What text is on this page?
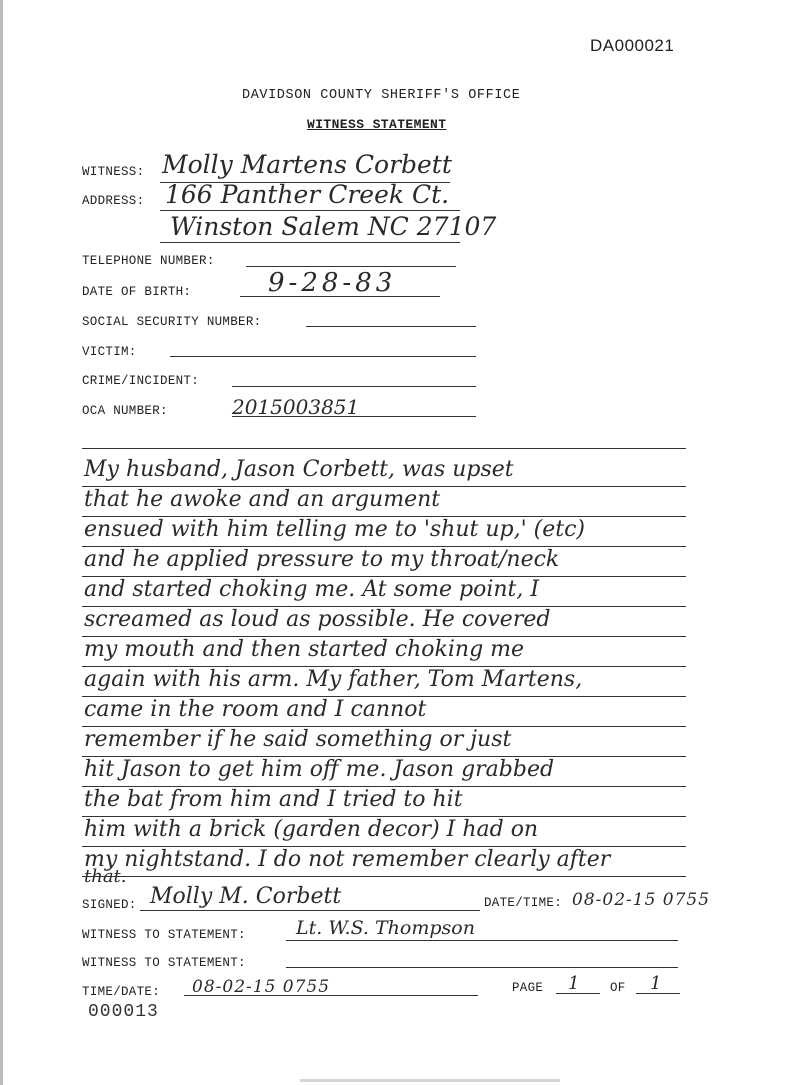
DA000021
DAVIDSON COUNTY SHERIFF'S OFFICE
WITNESS STATEMENT
WITNESS: Molly Martens Corbett
ADDRESS: 166 Panther Creek Ct.
Winston Salem NC 27107
TELEPHONE NUMBER:
DATE OF BIRTH:	9-28-83
SOCIAL SECURITY NUMBER:
VICTIM:
CRIME/INCIDENT:
OCA NUMBER:	2015003851
My husband, Jason Corbett, was upset
that he awoke and an argument
ensued with him telling me to 'shut up,' (etc)
and he applied pressure to my throat/neck
and started choking me. At some point, I
screamed as loud as possible. He covered
my mouth and then started choking me
again with his arm. My father, Tom Martens,
came in the room and I cannot
remember if he said something or just
hit Jason to get him off me. Jason grabbed
the bat from him and I tried to hit
him with a brick (garden decor) I had on
my nightstand. I do not remember clearly after
that.
SIGNED: Molly M. Corbett	DATE/TIME: 08-02-15 0755
WITNESS TO STATEMENT:	Lt. W.S. Thompson
WITNESS TO STATEMENT:
TIME/DATE: 08-02-15 0755	PAGE 1 OF 1
000013
